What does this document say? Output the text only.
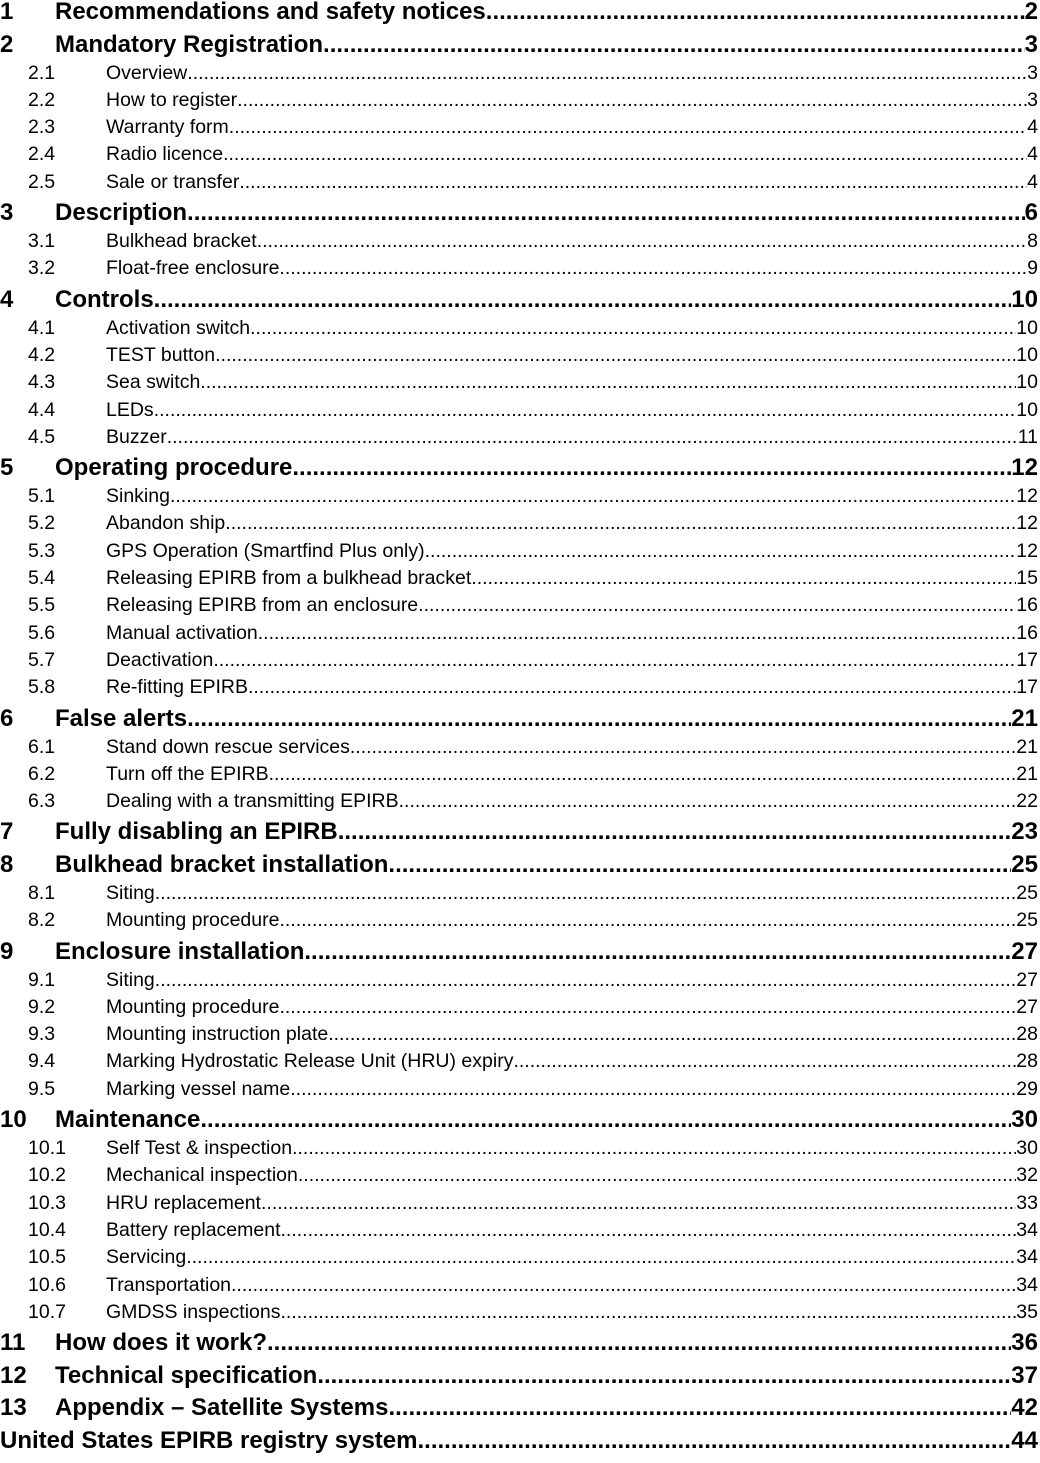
1	Recommendations and safety notices .....	2
2	Mandatory Registration .....	3
2.1	Overview .....	3
2.2	How to register .....	3
2.3	Warranty form .....	4
2.4	Radio licence .....	4
2.5	Sale or transfer .....	4
3	Description .....	6
3.1	Bulkhead bracket .....	8
3.2	Float-free enclosure .....	9
4	Controls .....	10
4.1	Activation switch .....	10
4.2	TEST button .....	10
4.3	Sea switch .....	10
4.4	LEDs .....	10
4.5	Buzzer .....	11
5	Operating procedure .....	12
5.1	Sinking .....	12
5.2	Abandon ship .....	12
5.3	GPS Operation (Smartfind Plus only) .....	12
5.4	Releasing EPIRB from a bulkhead bracket .....	15
5.5	Releasing EPIRB from an enclosure .....	16
5.6	Manual activation .....	16
5.7	Deactivation .....	17
5.8	Re-fitting EPIRB .....	17
6	False alerts .....	21
6.1	Stand down rescue services .....	21
6.2	Turn off the EPIRB .....	21
6.3	Dealing with a transmitting EPIRB .....	22
7	Fully disabling an EPIRB .....	23
8	Bulkhead bracket installation .....	25
8.1	Siting .....	25
8.2	Mounting procedure .....	25
9	Enclosure installation .....	27
9.1	Siting .....	27
9.2	Mounting procedure .....	27
9.3	Mounting instruction plate .....	28
9.4	Marking Hydrostatic Release Unit (HRU) expiry .....	28
9.5	Marking vessel name .....	29
10	Maintenance .....	30
10.1	Self Test & inspection .....	30
10.2	Mechanical inspection .....	32
10.3	HRU replacement .....	33
10.4	Battery replacement .....	34
10.5	Servicing .....	34
10.6	Transportation .....	34
10.7	GMDSS inspections .....	35
11	How does it work? .....	36
12	Technical specification .....	37
13	Appendix – Satellite Systems .....	42
United States EPIRB registry system .....	44
